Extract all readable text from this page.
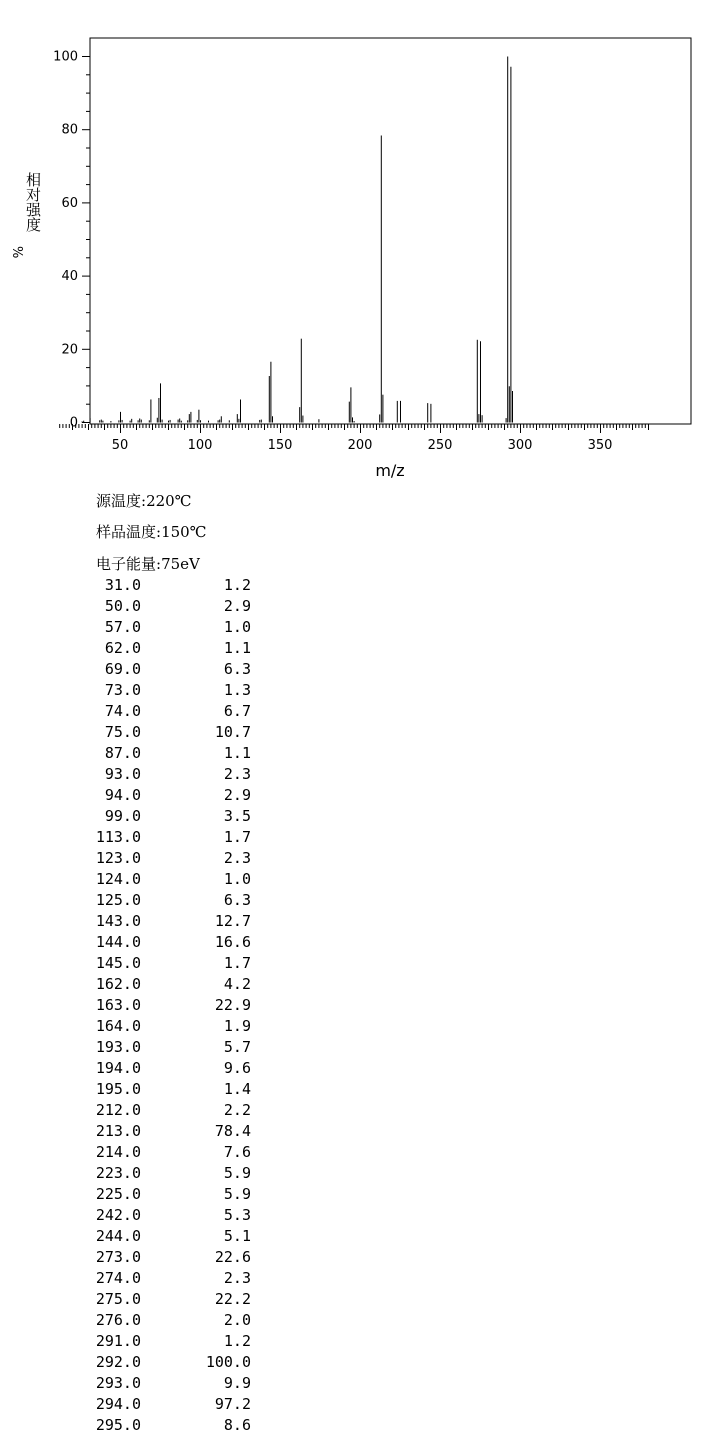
0
20
40
60
80
100
50	100	150	200	250	300	350
m/z
相对强度
%
源温度:220℃
样品温度:150℃
电子能量:75eV
31.0	1.2
50.0	2.9
57.0	1.0
62.0	1.1
69.0	6.3
73.0	1.3
74.0	6.7
75.0	10.7
87.0	1.1
93.0	2.3
94.0	2.9
99.0	3.5
113.0	1.7
123.0	2.3
124.0	1.0
125.0	6.3
143.0	12.7
144.0	16.6
145.0	1.7
162.0	4.2
163.0	22.9
164.0	1.9
193.0	5.7
194.0	9.6
195.0	1.4
212.0	2.2
213.0	78.4
214.0	7.6
223.0	5.9
225.0	5.9
242.0	5.3
244.0	5.1
273.0	22.6
274.0	2.3
275.0	22.2
276.0	2.0
291.0	1.2
292.0	100.0
293.0	9.9
294.0	97.2
295.0	8.6
